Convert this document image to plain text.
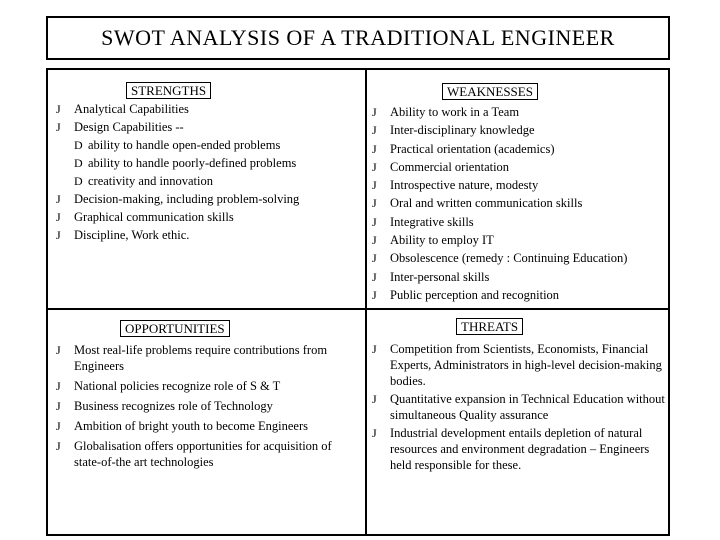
SWOT ANALYSIS OF A TRADITIONAL ENGINEER
STRENGTHS
J Analytical Capabilities
J Design Capabilities --
D ability to handle open-ended problems
D ability to handle poorly-defined problems
D creativity and innovation
J Decision-making, including problem-solving
J Graphical communication skills
J Discipline, Work ethic.
WEAKNESSES
J Ability to work in a Team
J Inter-disciplinary knowledge
J Practical orientation (academics)
J Commercial orientation
J Introspective nature, modesty
J Oral and written communication skills
J Integrative skills
J Ability to employ IT
J Obsolescence (remedy : Continuing Education)
J Inter-personal skills
J Public perception and recognition
OPPORTUNITIES
J Most real-life problems require contributions from Engineers
J National policies recognize role of S & T
J Business recognizes role of Technology
J Ambition of bright youth to become Engineers
J Globalisation offers opportunities for acquisition of state-of-the art technologies
THREATS
J Competition from Scientists, Economists, Financial Experts, Administrators in high-level decision-making bodies.
J Quantitative expansion in Technical Education without simultaneous Quality assurance
J Industrial development entails depletion of natural resources and environment degradation – Engineers held responsible for these.
